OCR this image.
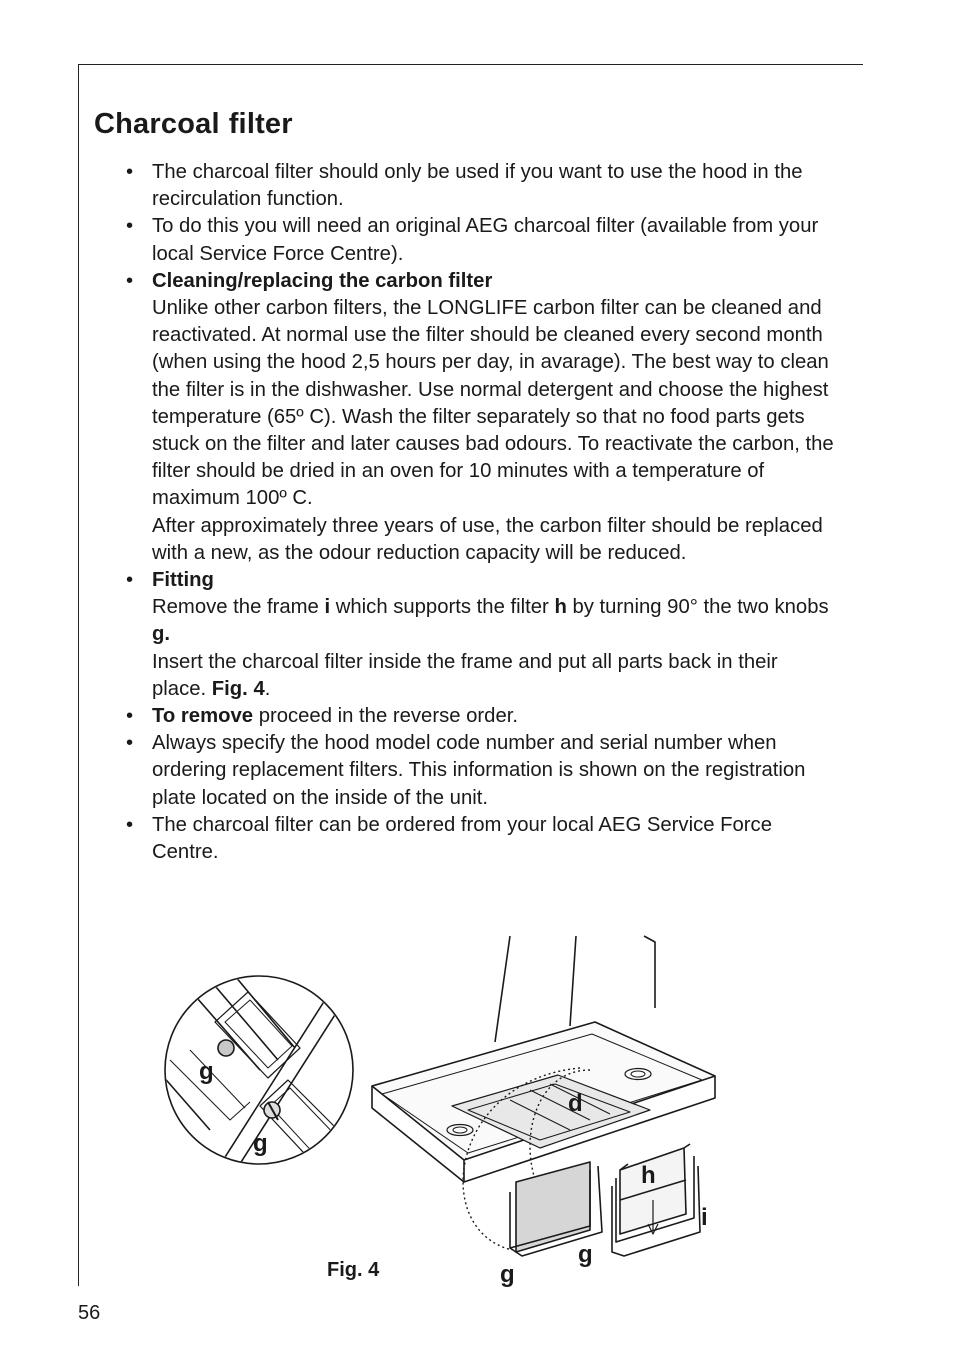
Charcoal filter
• The charcoal filter should only be used if you want to use the hood in the recirculation function.
• To do this you will need an original AEG charcoal filter (available from your local Service Force Centre).
• Cleaning/replacing the carbon filter
Unlike other carbon filters, the LONGLIFE carbon filter can be cleaned and reactivated. At normal use the filter should be cleaned every second month (when using the hood 2,5 hours per day, in avarage). The best way to clean the filter is in the dishwasher. Use normal detergent and choose the highest temperature (65º C). Wash the filter separately so that no food parts gets stuck on the filter and later causes bad odours. To reactivate the carbon, the filter should be dried in an oven for 10 minutes with a temperature of maximum 100º C.
After approximately three years of use, the carbon filter should be replaced with a new, as the odour reduction capacity will be reduced.
• Fitting
Remove the frame i which supports the filter h by turning 90° the two knobs g.
Insert the charcoal filter inside the frame and put all parts back in their place. Fig. 4.
• To remove proceed in the reverse order.
• Always specify the hood model code number and serial number when ordering replacement filters. This information is shown on the registration plate located on the inside of the unit.
• The charcoal filter can be ordered from your local AEG Service Force Centre.
g
g
d
h
i
g
g
Fig. 4
56
